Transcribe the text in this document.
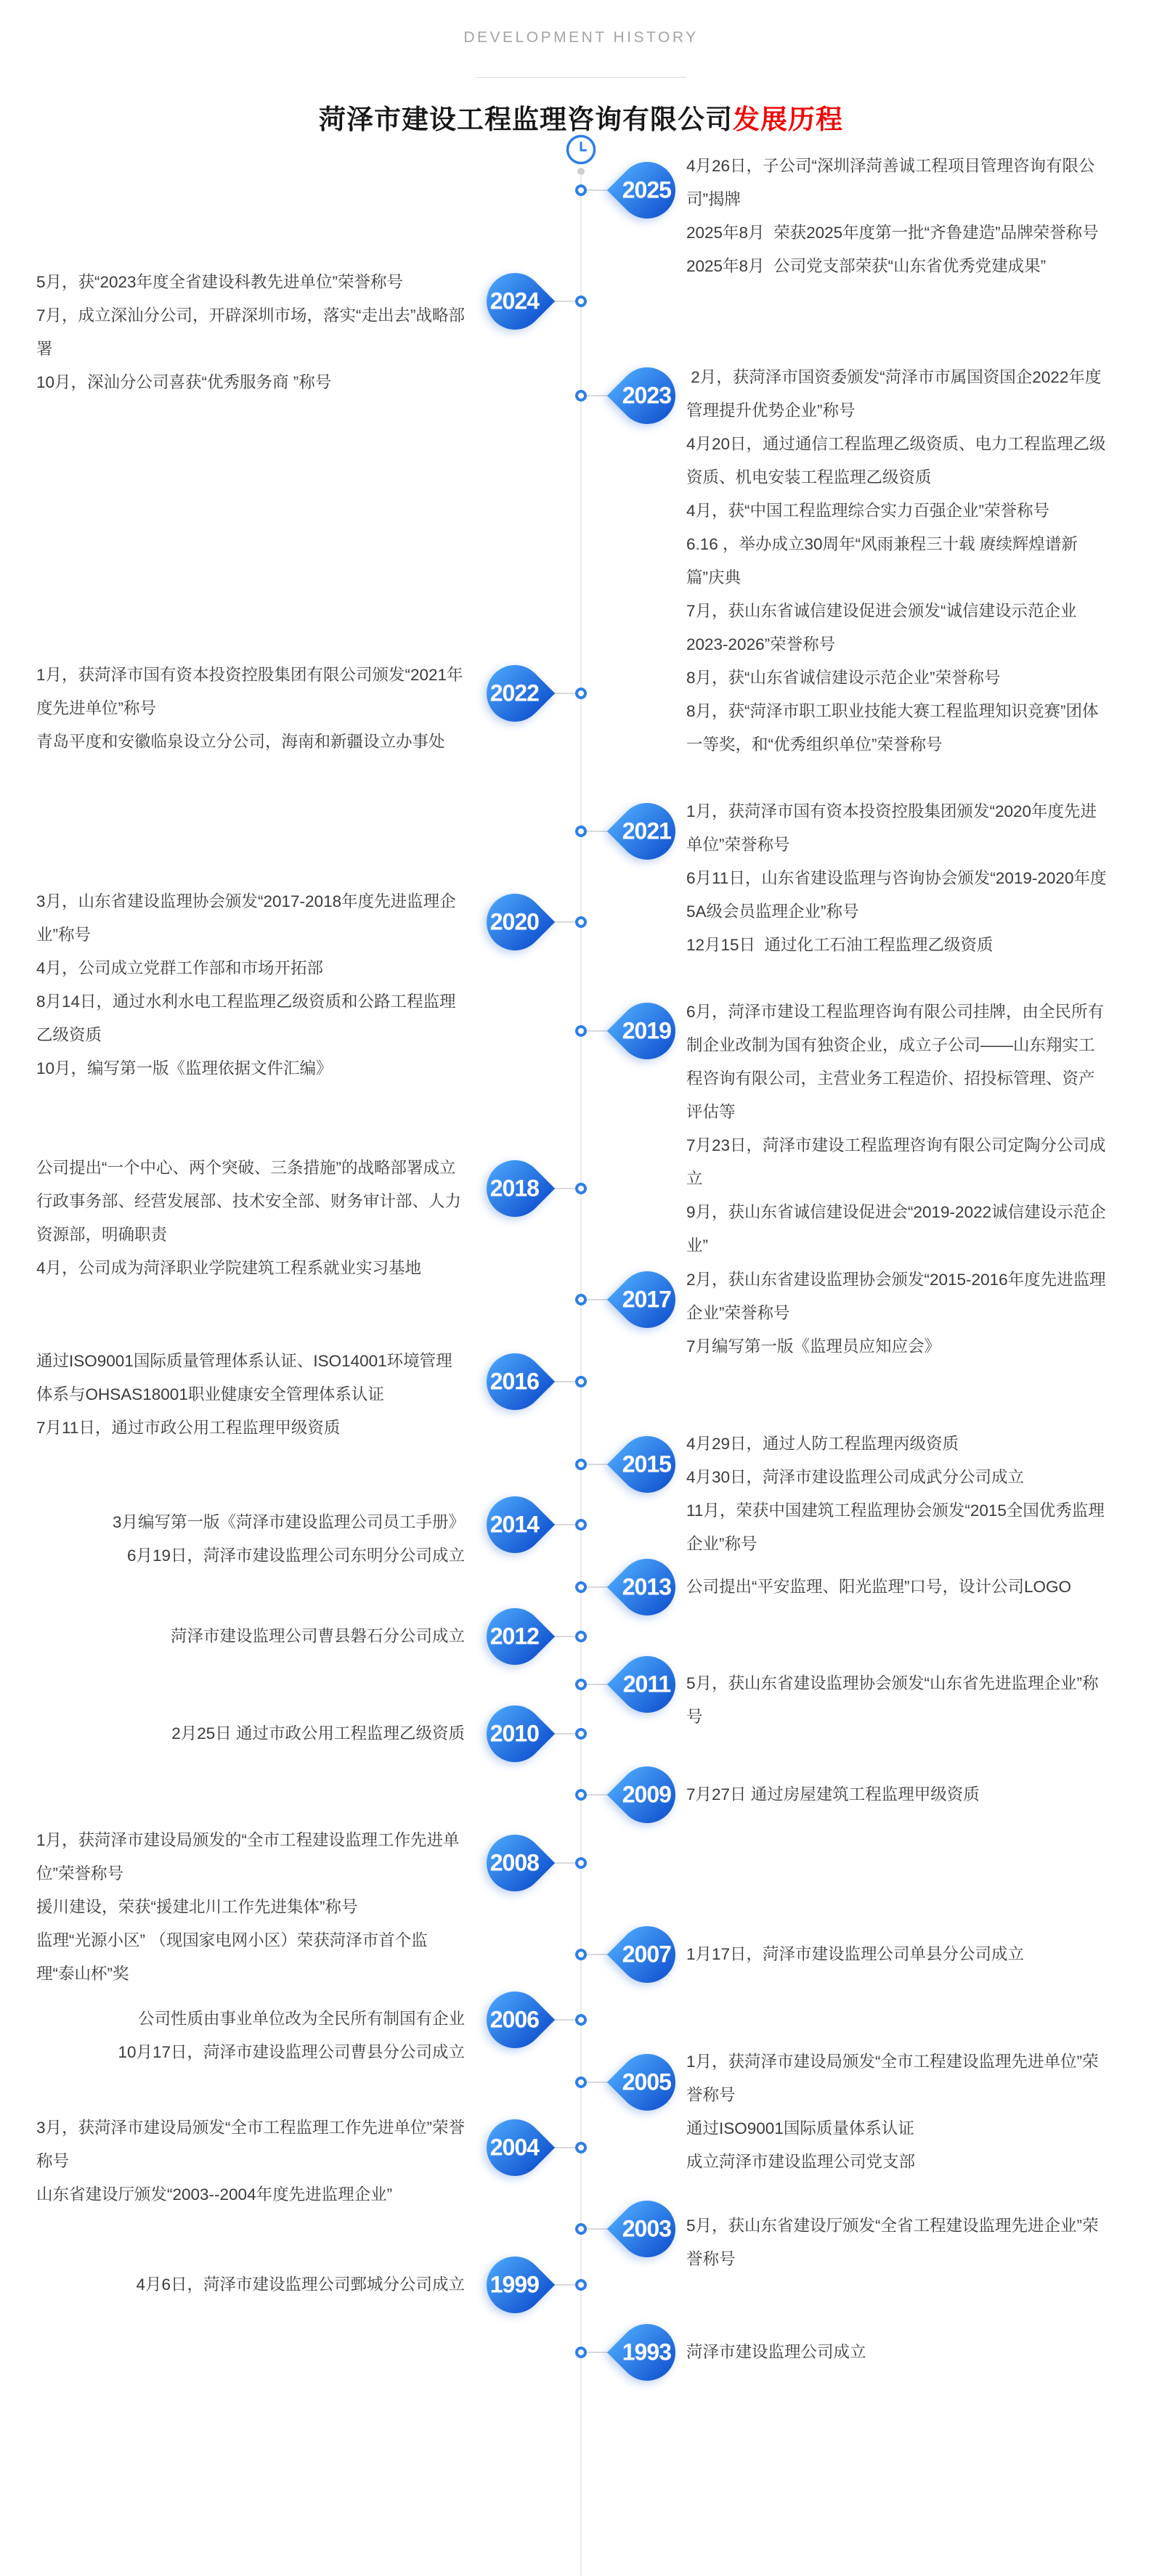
DEVELOPMENT HISTORY
菏泽市建设工程监理咨询有限公司发展历程
2025

4月26日，子公司“深圳泽菏善诚工程项目管理咨询有限公司”揭牌

2025年8月  荣获2025年度第一批“齐鲁建造”品牌荣誉称号

2025年8月  公司党支部荣获“山东省优秀党建成果”

2024

5月，获“2023年度全省建设科教先进单位”荣誉称号

7月，成立深汕分公司，开辟深圳市场，落实“走出去”战略部署

10月，深汕分公司喜获“优秀服务商 ”称号	2023

2月，获菏泽市国资委颁发“菏泽市市属国资国企2022年度管理提升优势企业”称号

4月20日，通过通信工程监理乙级资质、电力工程监理乙级资质、机电安装工程监理乙级资质

4月，获“中国工程监理综合实力百强企业”荣誉称号

6.16 ，举办成立30周年“风雨兼程三十载 赓续辉煌谱新篇”庆典

7月，获山东省诚信建设促进会颁发“诚信建设示范企业2023-2026”荣誉称号

8月，获“山东省诚信建设示范企业”荣誉称号

8月，获“菏泽市职工职业技能大赛工程监理知识竞赛”团体一等奖，和“优秀组织单位”荣誉称号

2022

1月，获菏泽市国有资本投资控股集团有限公司颁发“2021年度先进单位”称号

青岛平度和安徽临泉设立分公司，海南和新疆设立办事处

2021

1月，获菏泽市国有资本投资控股集团颁发“2020年度先进单位”荣誉称号

6月11日，山东省建设监理与咨询协会颁发“2019-2020年度5A级会员监理企业”称号

12月15日  通过化工石油工程监理乙级资质

2020

3月，山东省建设监理协会颁发“2017-2018年度先进监理企业”称号

4月，公司成立党群工作部和市场开拓部

8月14日，通过水利水电工程监理乙级资质和公路工程监理乙级资质

10月，编写第一版《监理依据文件汇编》

2019

6月，菏泽市建设工程监理咨询有限公司挂牌，由全民所有制企业改制为国有独资企业，成立子公司——山东翔实工程咨询有限公司，主营业务工程造价、招投标管理、资产评估等

7月23日，菏泽市建设工程监理咨询有限公司定陶分公司成立

9月，获山东省诚信建设促进会“2019-2022诚信建设示范企业”

2018

公司提出“一个中心、两个突破、三条措施”的战略部署成立行政事务部、经营发展部、技术安全部、财务审计部、人力资源部，明确职责

4月，公司成为菏泽职业学院建筑工程系就业实习基地

2017

2月，获山东省建设监理协会颁发“2015-2016年度先进监理企业”荣誉称号

7月编写第一版《监理员应知应会》

2016

通过ISO9001国际质量管理体系认证、ISO14001环境管理体系与OHSAS18001职业健康安全管理体系认证

7月11日，通过市政公用工程监理甲级资质

2015

4月29日，通过人防工程监理丙级资质

4月30日，菏泽市建设监理公司成武分公司成立

11月，荣获中国建筑工程监理协会颁发“2015全国优秀监理企业”称号

2014

3月编写第一版《菏泽市建设监理公司员工手册》

6月19日，菏泽市建设监理公司东明分公司成立

2013 公司提出“平安监理、阳光监理”口号，设计公司LOGO

2012

菏泽市建设监理公司曹县磐石分公司成立

2011 5月，获山东省建设监理协会颁发“山东省先进监理企业”称号

2010

2月25日 通过市政公用工程监理乙级资质

2009 7月27日 通过房屋建筑工程监理甲级资质

2008

1月，获菏泽市建设局颁发的“全市工程建设监理工作先进单位”荣誉称号

援川建设，荣获“援建北川工作先进集体”称号

监理“光源小区” （现国家电网小区）荣获菏泽市首个监理“泰山杯”奖

2007 1月17日，菏泽市建设监理公司单县分公司成立

2006

公司性质由事业单位改为全民所有制国有企业

10月17日，菏泽市建设监理公司曹县分公司成立

2005

1月，获菏泽市建设局颁发“全市工程建设监理先进单位”荣誉称号

通过ISO9001国际质量体系认证

成立菏泽市建设监理公司党支部

2004

3月，获菏泽市建设局颁发“全市工程监理工作先进单位”荣誉称号

山东省建设厅颁发“2003--2004年度先进监理企业”

2003 5月，获山东省建设厅颁发“全省工程建设监理先进企业”荣誉称号

1999

4月6日，菏泽市建设监理公司鄄城分公司成立

1993 菏泽市建设监理公司成立
